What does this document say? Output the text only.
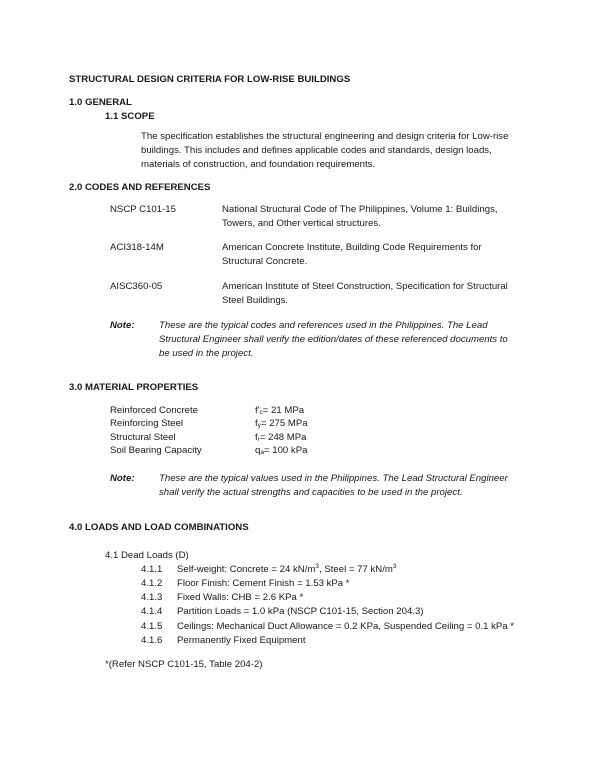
STRUCTURAL DESIGN CRITERIA FOR LOW-RISE BUILDINGS
1.0 GENERAL
1.1 SCOPE
The specification establishes the structural engineering and design criteria for Low-rise
buildings. This includes and defines applicable codes and standards, design loads,
materials of construction, and foundation requirements.
2.0 CODES AND REFERENCES
NSCP C101-15	National Structural Code of The Philippines, Volume 1: Buildings,
Towers, and Other vertical structures.
ACI318-14M	American Concrete Institute, Building Code Requirements for
Structural Concrete.
AISC360-05	American Institute of Steel Construction, Specification for Structural
Steel Buildings.
Note:	These are the typical codes and references used in the Philippines. The Lead
Structural Engineer shall verify the edition/dates of these referenced documents to
be used in the project.
3.0 MATERIAL PROPERTIES
Reinforced Concrete	$f'_c= 21$ MPa
Reinforcing Steel	$f_y= 275$ MPa
Structural Steel	$f_r= 248$ MPa
Soil Bearing Capacity	$q_a= 100$ kPa
Note:	These are the typical values used in the Philippines. The Lead Structural Engineer
shall verify the actual strengths and capacities to be used in the project.
4.0 LOADS AND LOAD COMBINATIONS
4.1 Dead Loads (D)
4.1.1 Self-weight: Concrete = 24 $kN/m^3$, Steel = 77 $kN/m^3$
4.1.2 Floor Finish: Cement Finish = 1.53 kPa *
4.1.3 Fixed Walls: CHB = 2.6 KPa *
4.1.4 Partition Loads = 1.0 kPa (NSCP C101-15, Section 204.3)
4.1.5 Ceilings: Mechanical Duct Allowance = 0.2 KPa, Suspended Ceiling = 0.1 kPa *
4.1.6 Permanently Fixed Equipment
*(Refer NSCP C101-15, Table 204-2)
